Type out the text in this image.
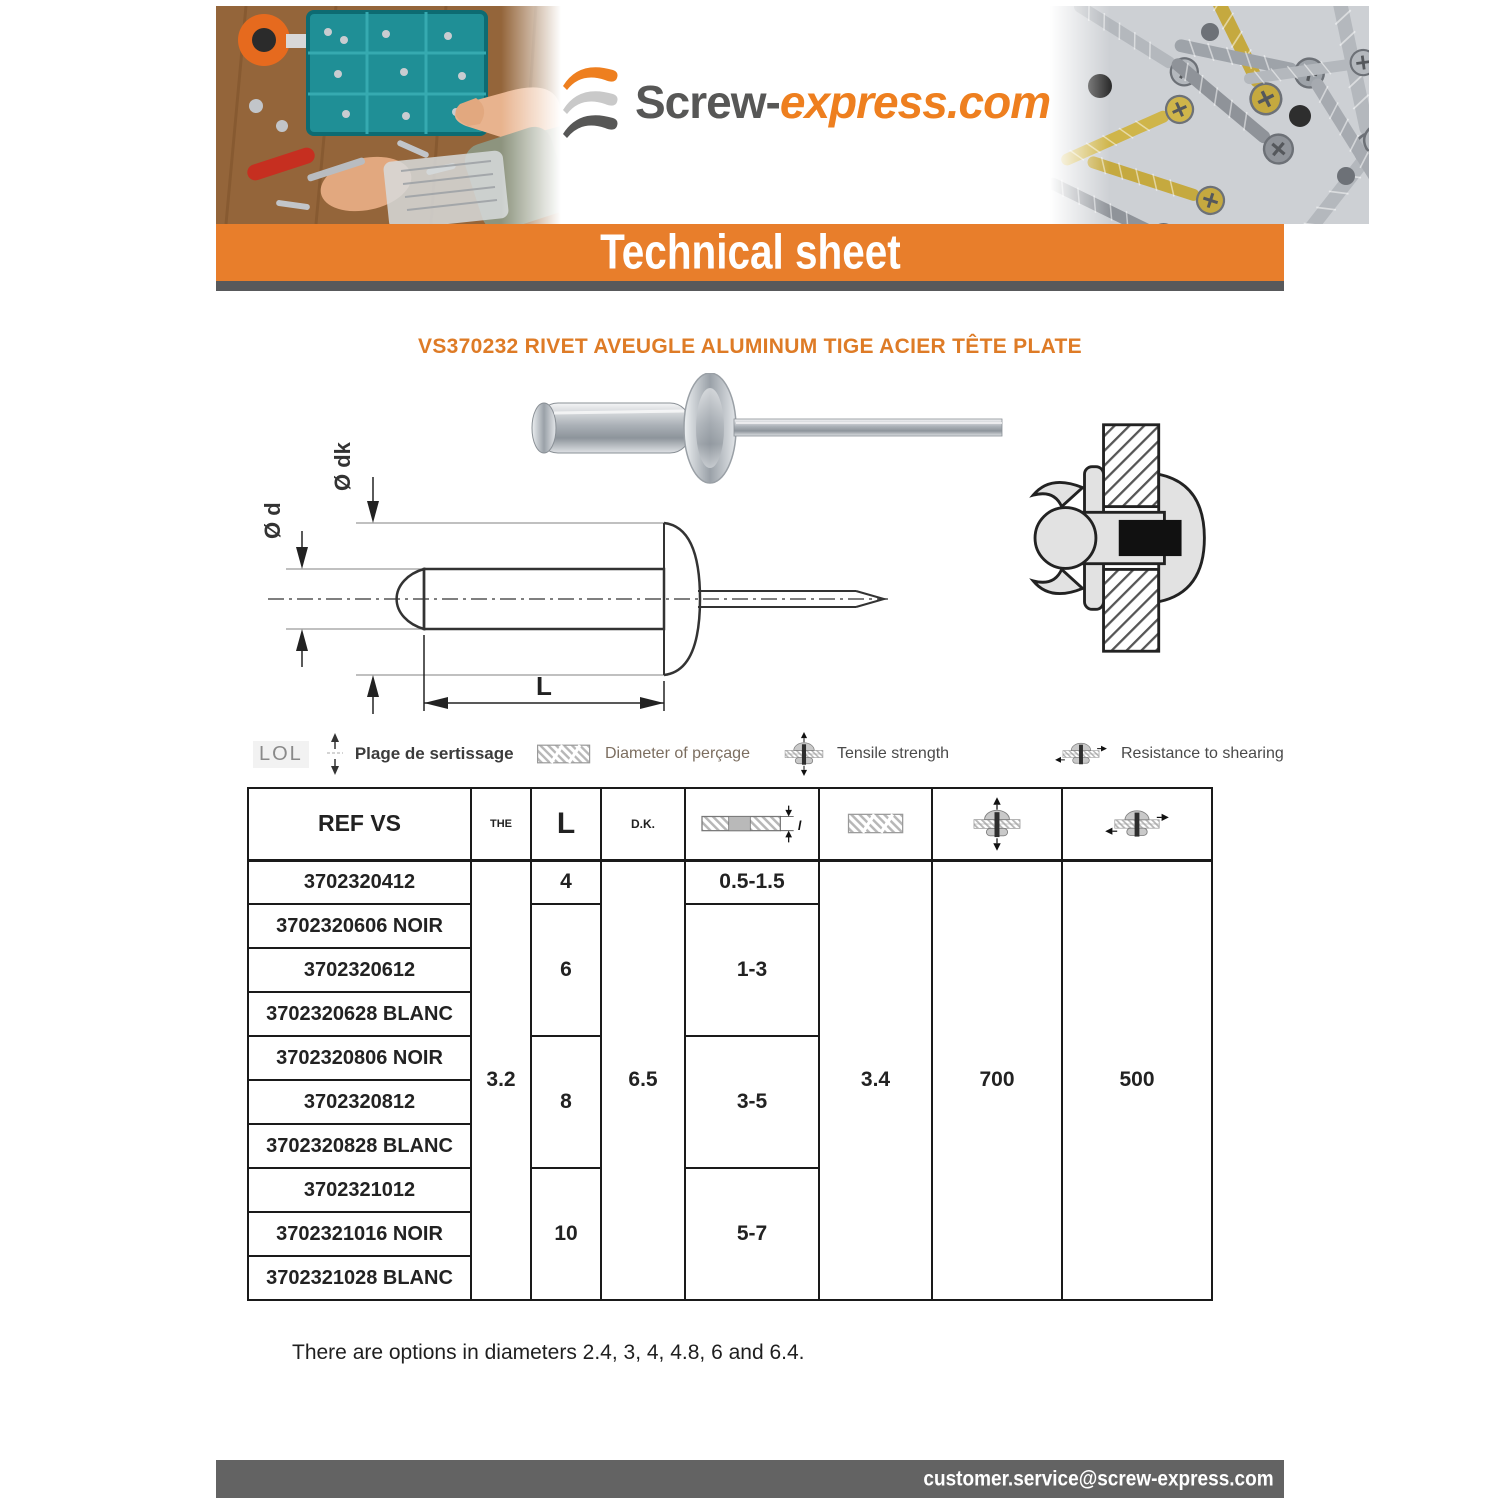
Screw-express.com
Technical sheet
VS370232 RIVET AVEUGLE ALUMINUM TIGE ACIER TÊTE PLATE
Ø d
Ø dk
L
LOL	Plage de sertissage	Diameter of perçage	Tensile strength	Resistance to shearing
REF VS	THE	L	D.K.	l

3702320412	3.2	4	6.5	0.5-1.5	3.4	700	500
3702320606 NOIR		6		1-3			
3702320612							
3702320628 BLANC							
3702320806 NOIR		8		3-5			
3702320812							
3702320828 BLANC							
3702321012		10		5-7			
3702321016 NOIR							
3702321028 BLANC							
There are options in diameters 2.4, 3, 4, 4.8, 6 and 6.4.
customer.service@screw-express.com
